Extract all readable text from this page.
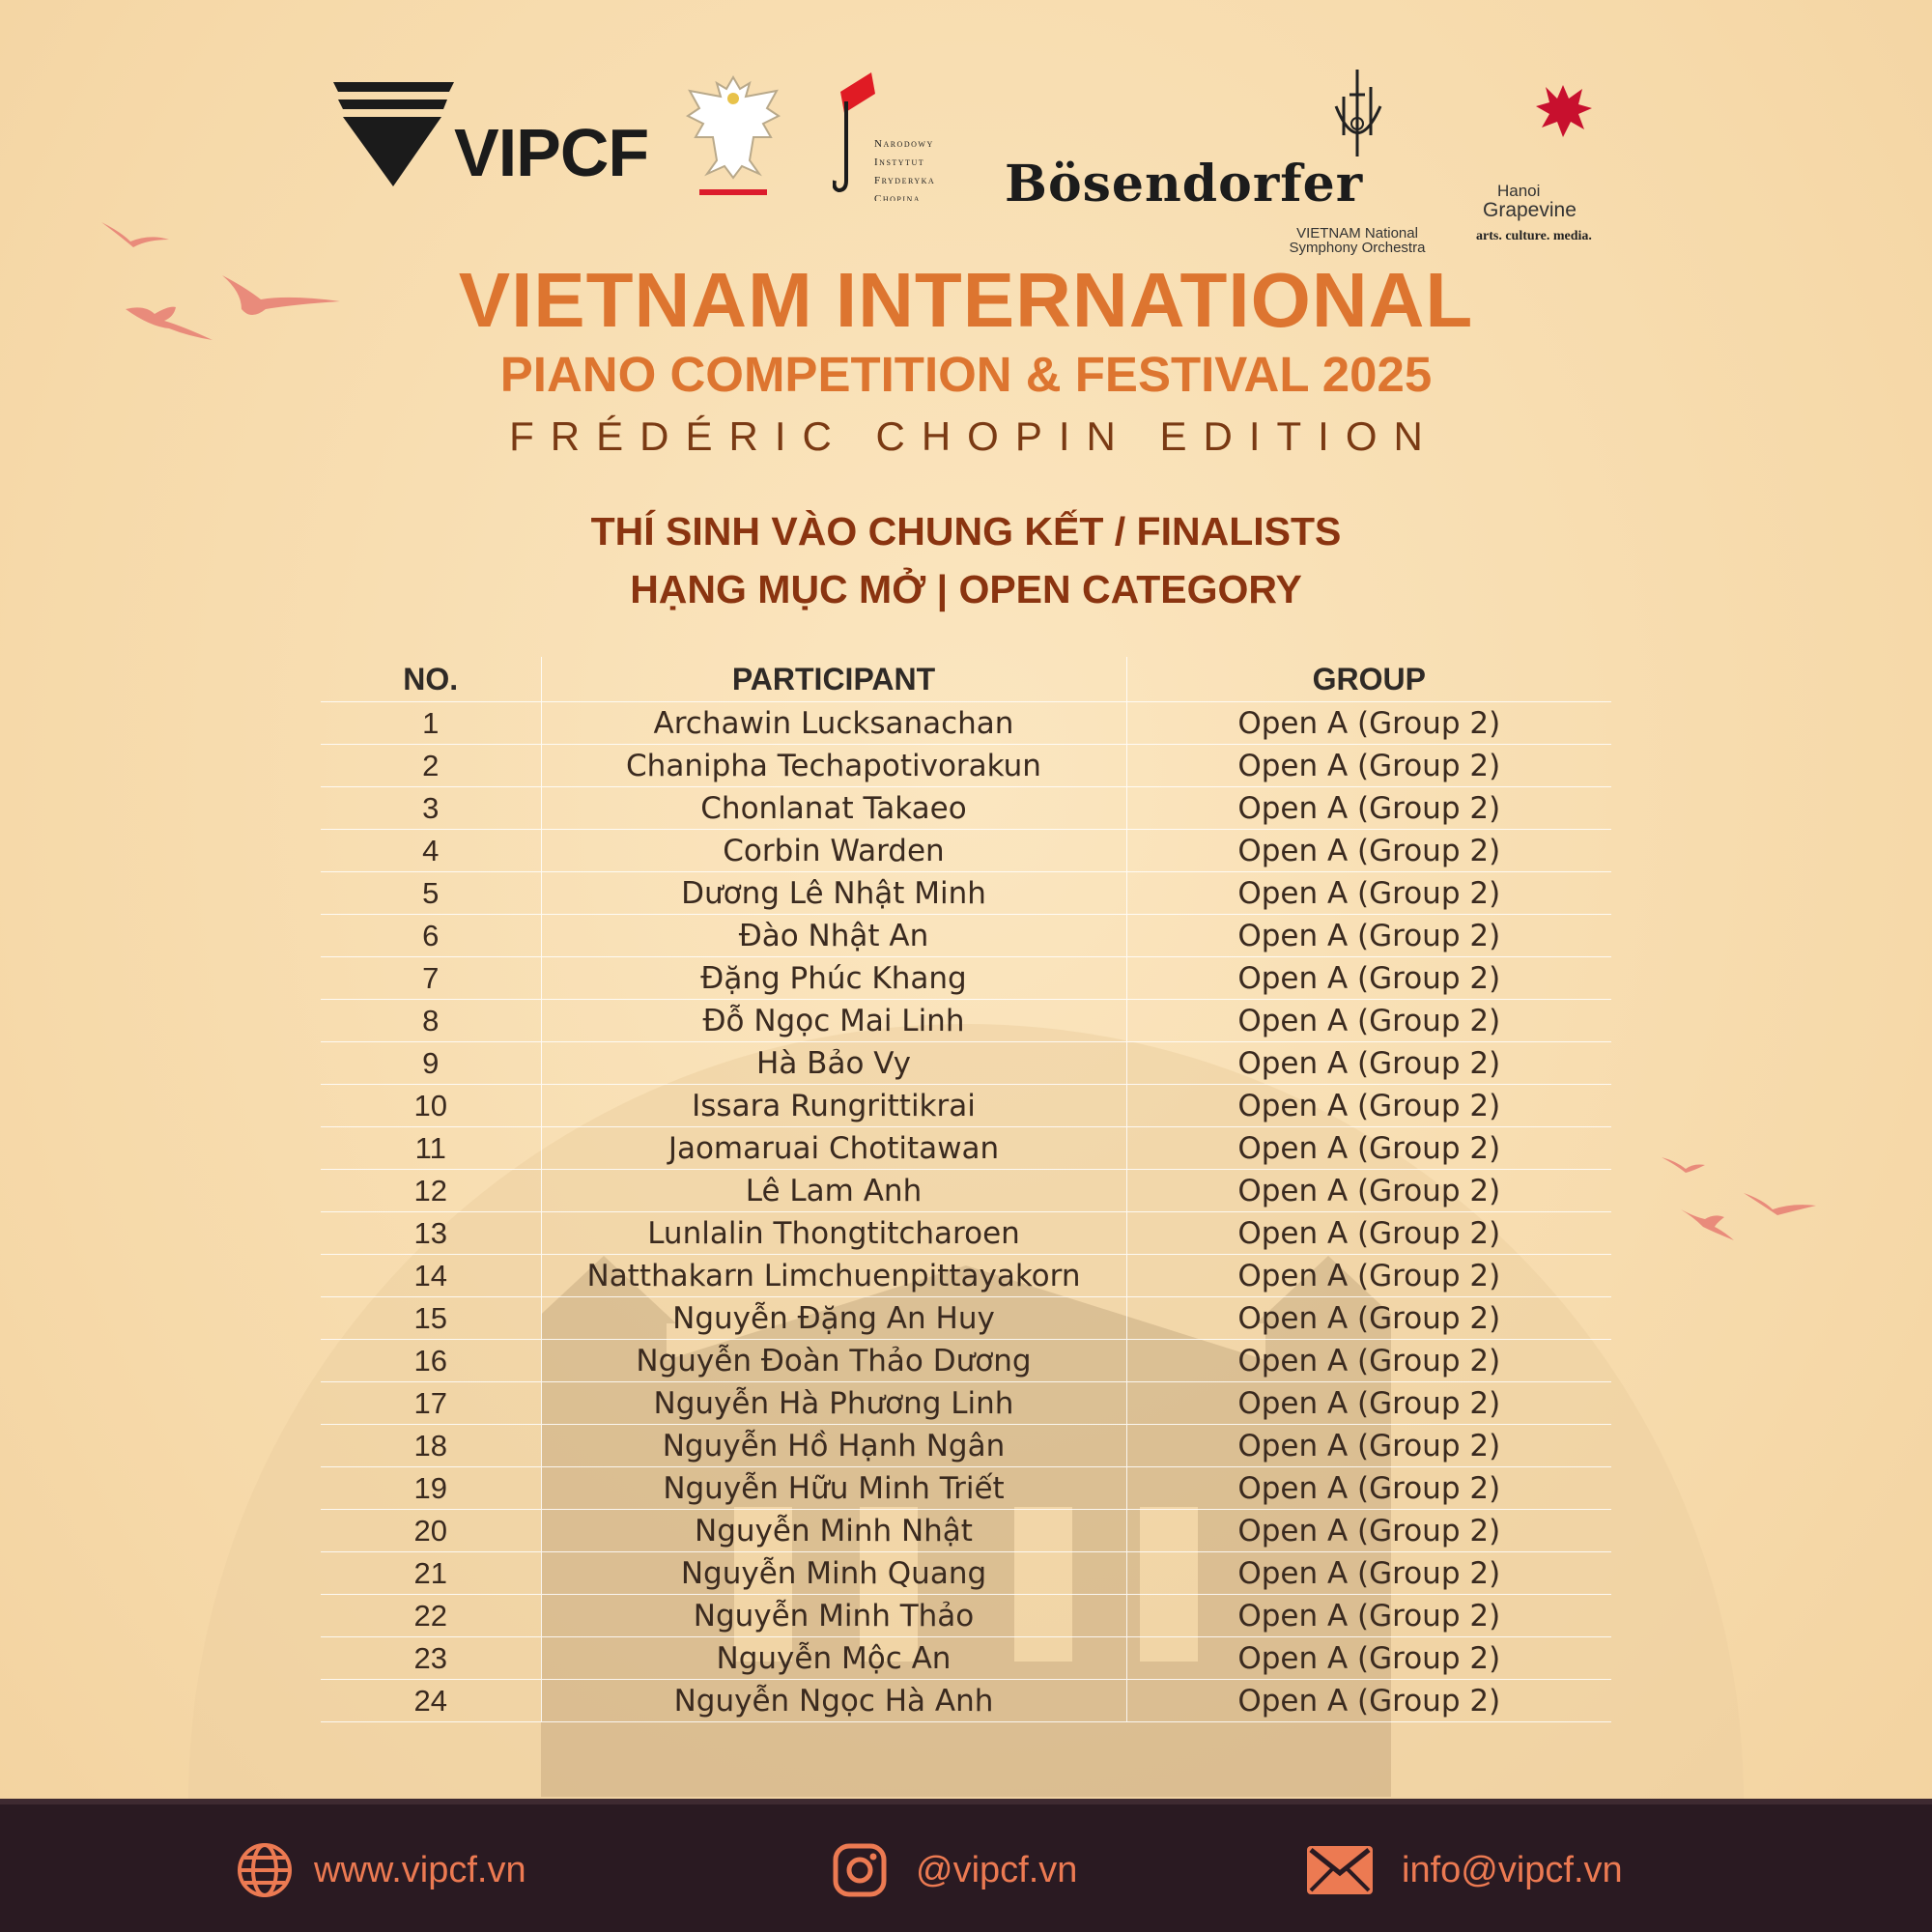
VIPCF	Narodowy
Instytut
Fryderyka
Chopina	Bösendorfer
VIETNAM National
Symphony Orchestra
Hanoi
Grapevine
arts. culture. media.
VIETNAM INTERNATIONAL
PIANO COMPETITION & FESTIVAL 2025
FRÉDÉRIC CHOPIN EDITION
THÍ SINH VÀO CHUNG KẾT / FINALISTS
HẠNG MỤC MỞ | OPEN CATEGORY
NO.	PARTICIPANT	GROUP
1	Archawin Lucksanachan	Open A (Group 2)
2	Chanipha Techapotivorakun	Open A (Group 2)
3	Chonlanat Takaeo	Open A (Group 2)
4	Corbin Warden	Open A (Group 2)
5	Dương Lê Nhật Minh	Open A (Group 2)
6	Đào Nhật An	Open A (Group 2)
7	Đặng Phúc Khang	Open A (Group 2)
8	Đỗ Ngọc Mai Linh	Open A (Group 2)
9	Hà Bảo Vy	Open A (Group 2)
10	Issara Rungrittikrai	Open A (Group 2)
11	Jaomaruai Chotitawan	Open A (Group 2)
12	Lê Lam Anh	Open A (Group 2)
13	Lunlalin Thongtitcharoen	Open A (Group 2)
14	Natthakarn Limchuenpittayakorn	Open A (Group 2)
15	Nguyễn Đặng An Huy	Open A (Group 2)
16	Nguyễn Đoàn Thảo Dương	Open A (Group 2)
17	Nguyễn Hà Phương Linh	Open A (Group 2)
18	Nguyễn Hồ Hạnh Ngân	Open A (Group 2)
19	Nguyễn Hữu Minh Triết	Open A (Group 2)
20	Nguyễn Minh Nhật	Open A (Group 2)
21	Nguyễn Minh Quang	Open A (Group 2)
22	Nguyễn Minh Thảo	Open A (Group 2)
23	Nguyễn Mộc An	Open A (Group 2)
24	Nguyễn Ngọc Hà Anh	Open A (Group 2)
www.vipcf.vn	@vipcf.vn	info@vipcf.vn
